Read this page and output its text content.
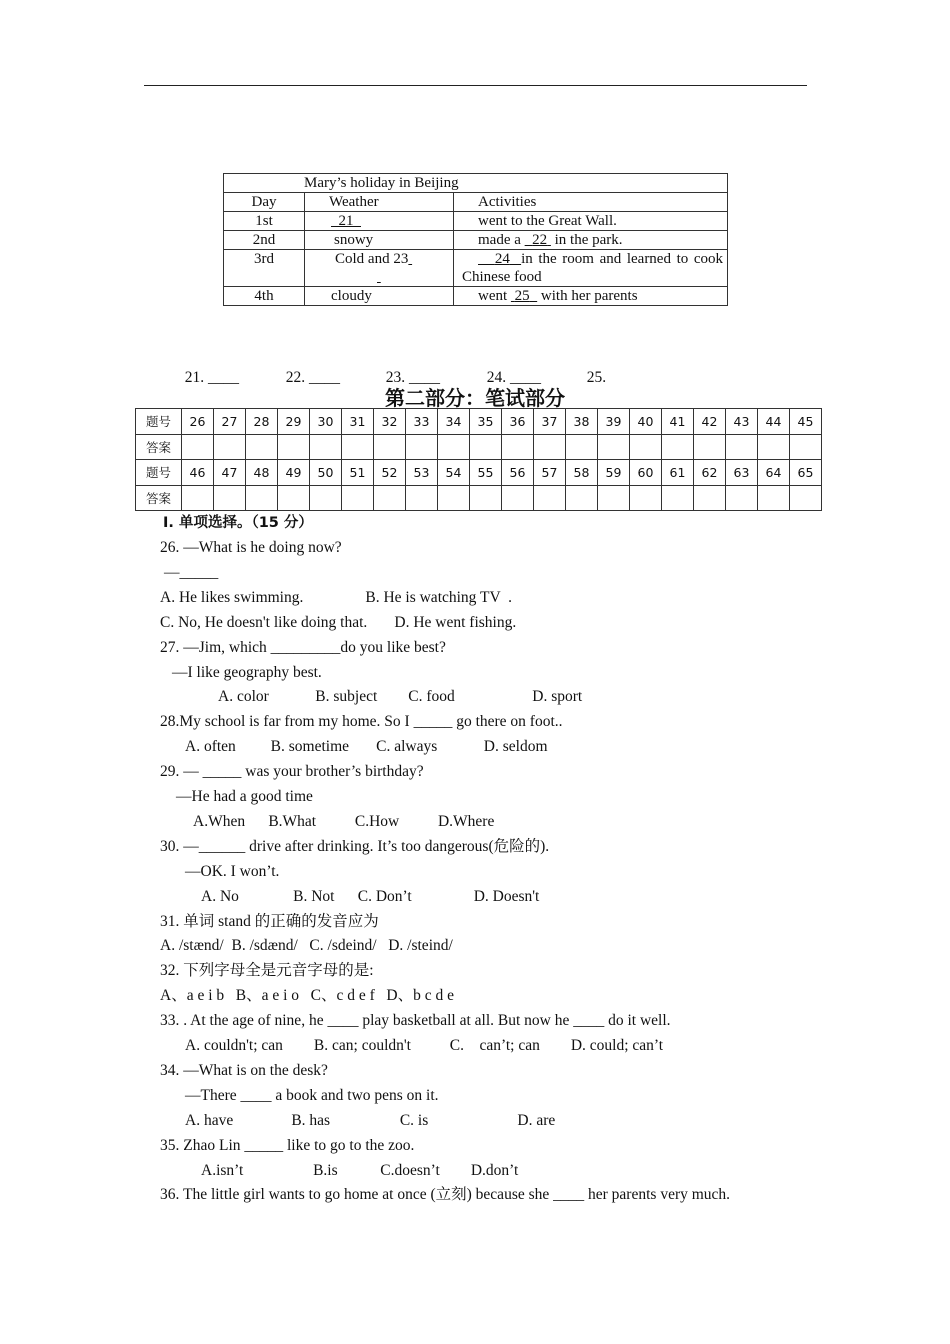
Mary’s holiday in Beijing		
Day	Weather	Activities
1st	21	went to the Great Wall.
2nd	snowy	made a 22 in the park.
3rd	Cold and 23	24 in the room and learned to cook Chinese food
4th	cloudy	went 25 with her parents

21. ____	22. ____	23. ____	24. ____	25.

第二部分：笔试部分
题号	26	27	28	29	30	31	32	33	34	35	36	37	38	39	40	41	42	43	44	45
答案																				
题号	46	47	48	49	50	51	52	53	54	55	56	57	58	59	60	61	62	63	64	65
答案																				
Ⅰ. 单项选择。（15 分）
26. —What is he doing now?
—_____
A. He likes swimming.                B. He is watching TV  .
C. No, He doesn't like doing that.       D. He went fishing.
27. —Jim, which _________do you like best?
—I like geography best.
A. color            B. subject        C. food                    D. sport
28.My school is far from my home. So I _____ go there on foot..
A. often         B. sometime       C. always            D. seldom
29. — _____ was your brother’s birthday?
—He had a good time
A.When      B.What          C.How          D.Where
30. —______ drive after drinking. It’s too dangerous(危险的).
—OK. I won’t.
A. No              B. Not      C. Don’t                D. Doesn't
31. 单词 stand 的正确的发音应为
A. /stænd/  B. /sdænd/   C. /sdeind/   D. /steind/
32. 下列字母全是元音字母的是:
A、a e i b   B、a e i o   C、c d e f   D、b c d e
33. . At the age of nine, he ____ play basketball at all. But now he ____ do it well.
A. couldn't; can        B. can; couldn't          C.    can’t; can        D. could; can’t
34. —What is on the desk?
—There ____ a book and two pens on it.
A. have               B. has                  C. is                       D. are
35. Zhao Lin _____ like to go to the zoo.
A.isn’t                  B.is           C.doesn’t        D.don’t
36. The little girl wants to go home at once (立刻) because she ____ her parents very much.
